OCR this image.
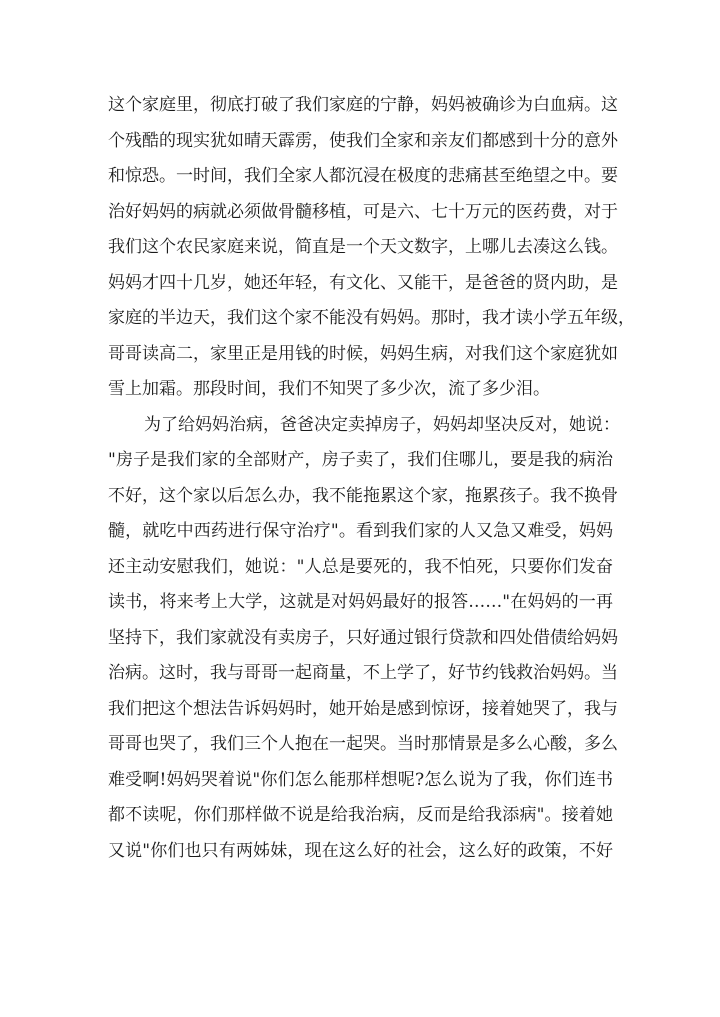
这个家庭里，彻底打破了我们家庭的宁静，妈妈被确诊为白血病。这
个残酷的现实犹如晴天霹雳，使我们全家和亲友们都感到十分的意外
和惊恐。一时间，我们全家人都沉浸在极度的悲痛甚至绝望之中。要
治好妈妈的病就必须做骨髓移植，可是六、七十万元的医药费，对于
我们这个农民家庭来说，简直是一个天文数字，上哪儿去凑这么钱。
妈妈才四十几岁，她还年轻，有文化、又能干，是爸爸的贤内助，是
家庭的半边天，我们这个家不能没有妈妈。那时，我才读小学五年级，
哥哥读高二，家里正是用钱的时候，妈妈生病，对我们这个家庭犹如
雪上加霜。那段时间，我们不知哭了多少次，流了多少泪。
为了给妈妈治病，爸爸决定卖掉房子，妈妈却坚决反对，她说：
"房子是我们家的全部财产，房子卖了，我们住哪儿，要是我的病治
不好，这个家以后怎么办，我不能拖累这个家，拖累孩子。我不换骨
髓，就吃中西药进行保守治疗"。看到我们家的人又急又难受，妈妈
还主动安慰我们，她说："人总是要死的，我不怕死，只要你们发奋
读书，将来考上大学，这就是对妈妈最好的报答……"在妈妈的一再
坚持下，我们家就没有卖房子，只好通过银行贷款和四处借债给妈妈
治病。这时，我与哥哥一起商量，不上学了，好节约钱救治妈妈。当
我们把这个想法告诉妈妈时，她开始是感到惊讶，接着她哭了，我与
哥哥也哭了，我们三个人抱在一起哭。当时那情景是多么心酸，多么
难受啊!妈妈哭着说"你们怎么能那样想呢?怎么说为了我，你们连书
都不读呢，你们那样做不说是给我治病，反而是给我添病"。接着她
又说"你们也只有两姊妹，现在这么好的社会，这么好的政策，不好
